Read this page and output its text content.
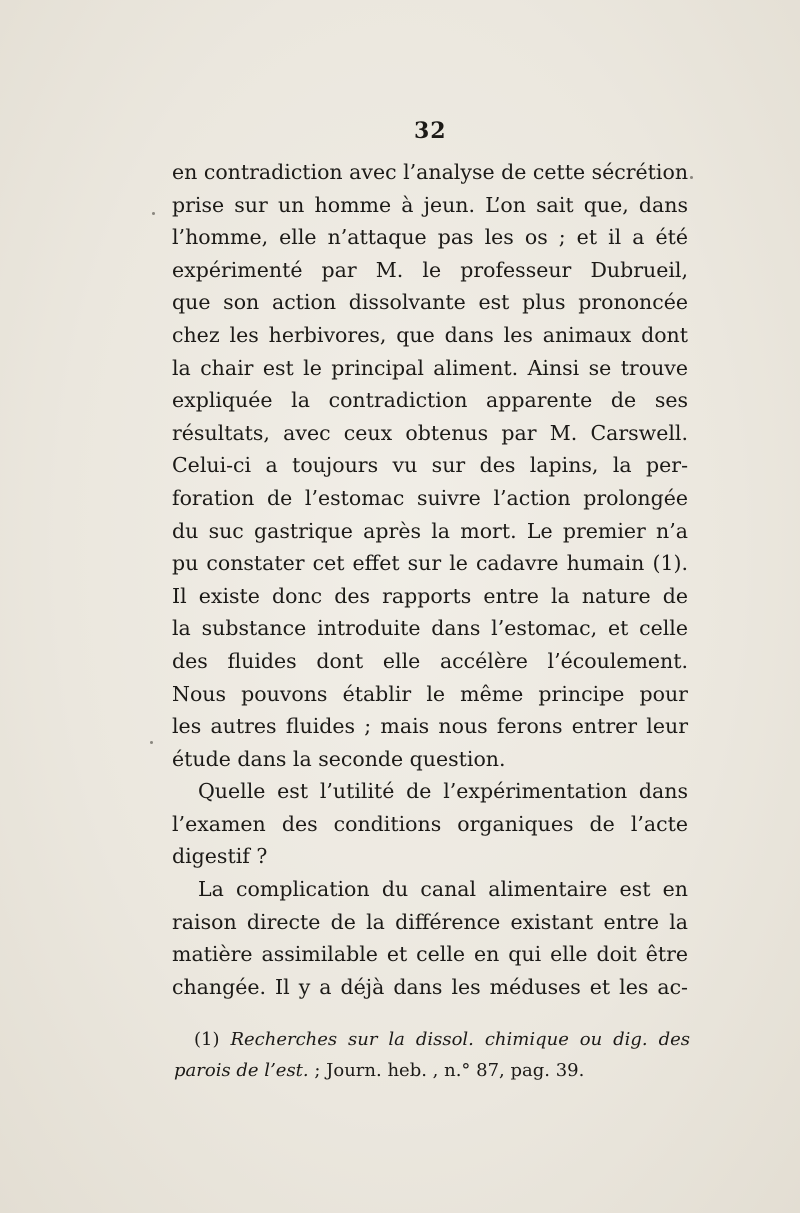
32
en contradiction avec l’analyse de cette sécrétion
prise sur un homme à jeun. L’on sait que, dans
l’homme, elle n’attaque pas les os ; et il a été
expérimenté par M. le professeur Dubrueil,
que son action dissolvante est plus prononcée
chez les herbivores, que dans les animaux dont
la chair est le principal aliment. Ainsi se trouve
expliquée la contradiction apparente de ses
résultats, avec ceux obtenus par M. Carswell.
Celui-ci a toujours vu sur des lapins, la per-
foration de l’estomac suivre l’action prolongée
du suc gastrique après la mort. Le premier n’a
pu constater cet effet sur le cadavre humain (1).
Il existe donc des rapports entre la nature de
la substance introduite dans l’estomac, et celle
des fluides dont elle accélère l’écoulement.
Nous pouvons établir le même principe pour
les autres fluides ; mais nous ferons entrer leur
étude dans la seconde question.
Quelle est l’utilité de l’expérimentation dans
l’examen des conditions organiques de l’acte
digestif ?
La complication du canal alimentaire est en
raison directe de la différence existant entre la
matière assimilable et celle en qui elle doit être
changée. Il y a déjà dans les méduses et les ac-
(1) Recherches sur la dissol. chimique ou dig. des
parois de l’est. ; Journ. heb. , n.° 87, pag. 39.
